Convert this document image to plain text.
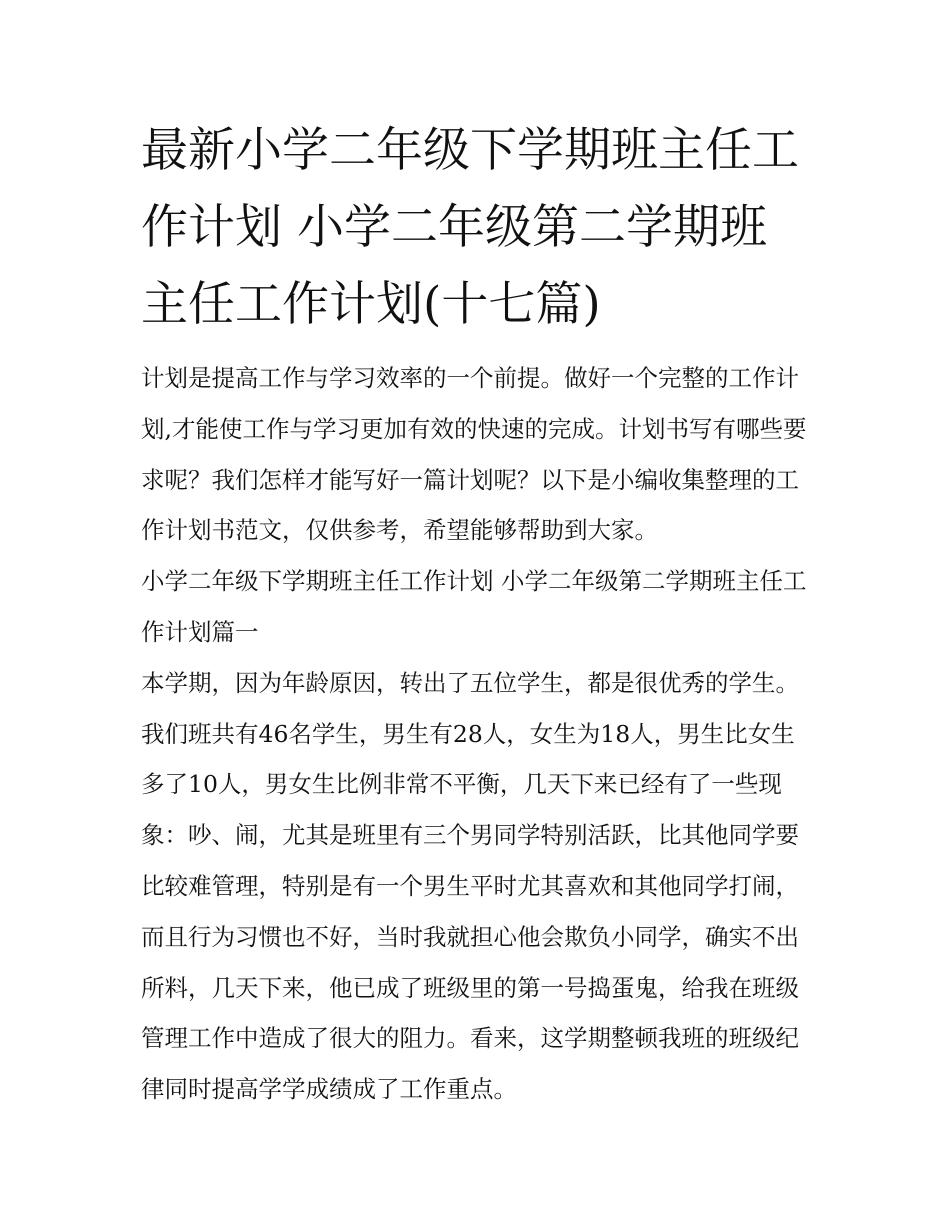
最新小学二年级下学期班主任工作计划 小学二年级第二学期班主任工作计划(十七篇)

计划是提高工作与学习效率的一个前提。做好一个完整的工作计划,才能使工作与学习更加有效的快速的完成。计划书写有哪些要求呢？我们怎样才能写好一篇计划呢？以下是小编收集整理的工作计划书范文，仅供参考，希望能够帮助到大家。

小学二年级下学期班主任工作计划 小学二年级第二学期班主任工作计划篇一

本学期，因为年龄原因，转出了五位学生，都是很优秀的学生。我们班共有46名学生，男生有28人，女生为18人，男生比女生多了10人，男女生比例非常不平衡，几天下来已经有了一些现象：吵、闹，尤其是班里有三个男同学特别活跃，比其他同学要比较难管理，特别是有一个男生平时尤其喜欢和其他同学打闹，而且行为习惯也不好，当时我就担心他会欺负小同学，确实不出所料，几天下来，他已成了班级里的第一号捣蛋鬼，给我在班级管理工作中造成了很大的阻力。看来，这学期整顿我班的班级纪律同时提高学学成绩成了工作重点。
